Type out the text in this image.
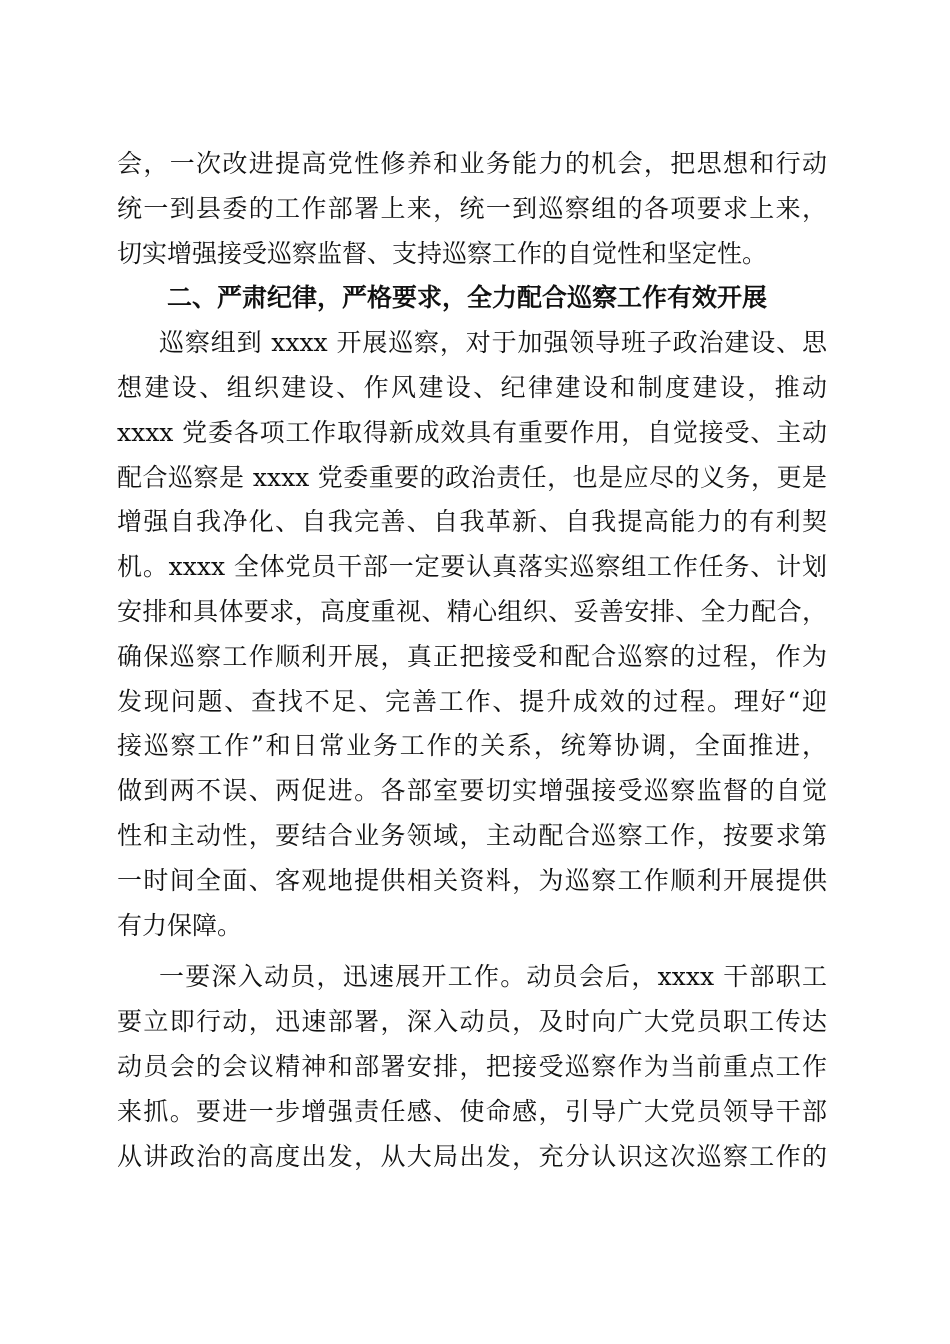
会，一次改进提高党性修养和业务能力的机会，把思想和行动
统一到县委的工作部署上来，统一到巡察组的各项要求上来，
切实增强接受巡察监督、支持巡察工作的自觉性和坚定性。
二、严肃纪律，严格要求，全力配合巡察工作有效开展
巡察组到 xxxx 开展巡察，对于加强领导班子政治建设、思
想建设、组织建设、作风建设、纪律建设和制度建设，推动
xxxx 党委各项工作取得新成效具有重要作用，自觉接受、主动
配合巡察是 xxxx 党委重要的政治责任，也是应尽的义务，更是
增强自我净化、自我完善、自我革新、自我提高能力的有利契
机。xxxx 全体党员干部一定要认真落实巡察组工作任务、计划
安排和具体要求，高度重视、精心组织、妥善安排、全力配合，
确保巡察工作顺利开展，真正把接受和配合巡察的过程，作为
发现问题、查找不足、完善工作、提升成效的过程。理好“迎
接巡察工作”和日常业务工作的关系，统筹协调，全面推进，
做到两不误、两促进。各部室要切实增强接受巡察监督的自觉
性和主动性，要结合业务领域，主动配合巡察工作，按要求第
一时间全面、客观地提供相关资料，为巡察工作顺利开展提供
有力保障。
一要深入动员，迅速展开工作。动员会后，xxxx 干部职工
要立即行动，迅速部署，深入动员，及时向广大党员职工传达
动员会的会议精神和部署安排，把接受巡察作为当前重点工作
来抓。要进一步增强责任感、使命感，引导广大党员领导干部
从讲政治的高度出发，从大局出发，充分认识这次巡察工作的
